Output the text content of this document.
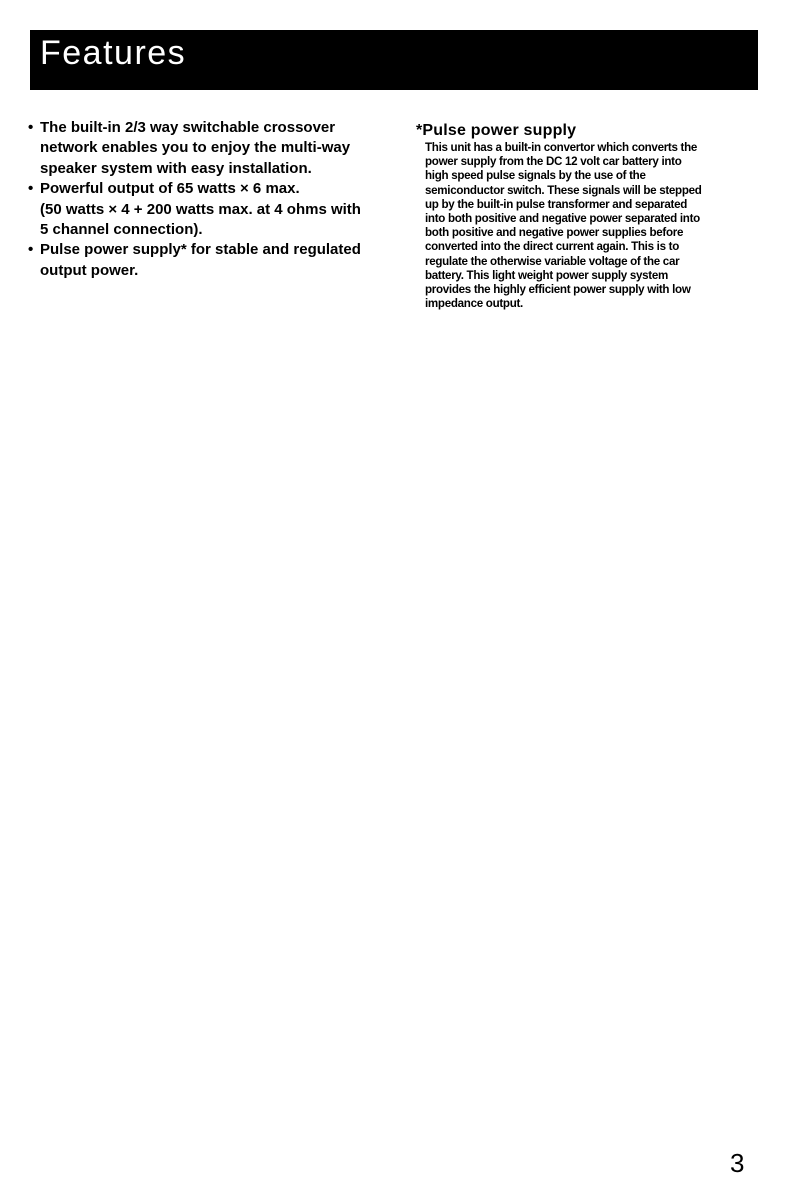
Features
• The built-in 2/3 way switchable crossover
network enables you to enjoy the multi-way
speaker system with easy installation.
• Powerful output of 65 watts × 6 max.
(50 watts × 4 + 200 watts max. at 4 ohms with
5 channel connection).
• Pulse power supply* for stable and regulated
output power.
*Pulse power supply

This unit has a built-in convertor which converts the
power supply from the DC 12 volt car battery into
high speed pulse signals by the use of the
semiconductor switch. These signals will be stepped
up by the built-in pulse transformer and separated
into both positive and negative power separated into
both positive and negative power supplies before
converted into the direct current again. This is to
regulate the otherwise variable voltage of the car
battery. This light weight power supply system
provides the highly efficient power supply with low
impedance output.

3
